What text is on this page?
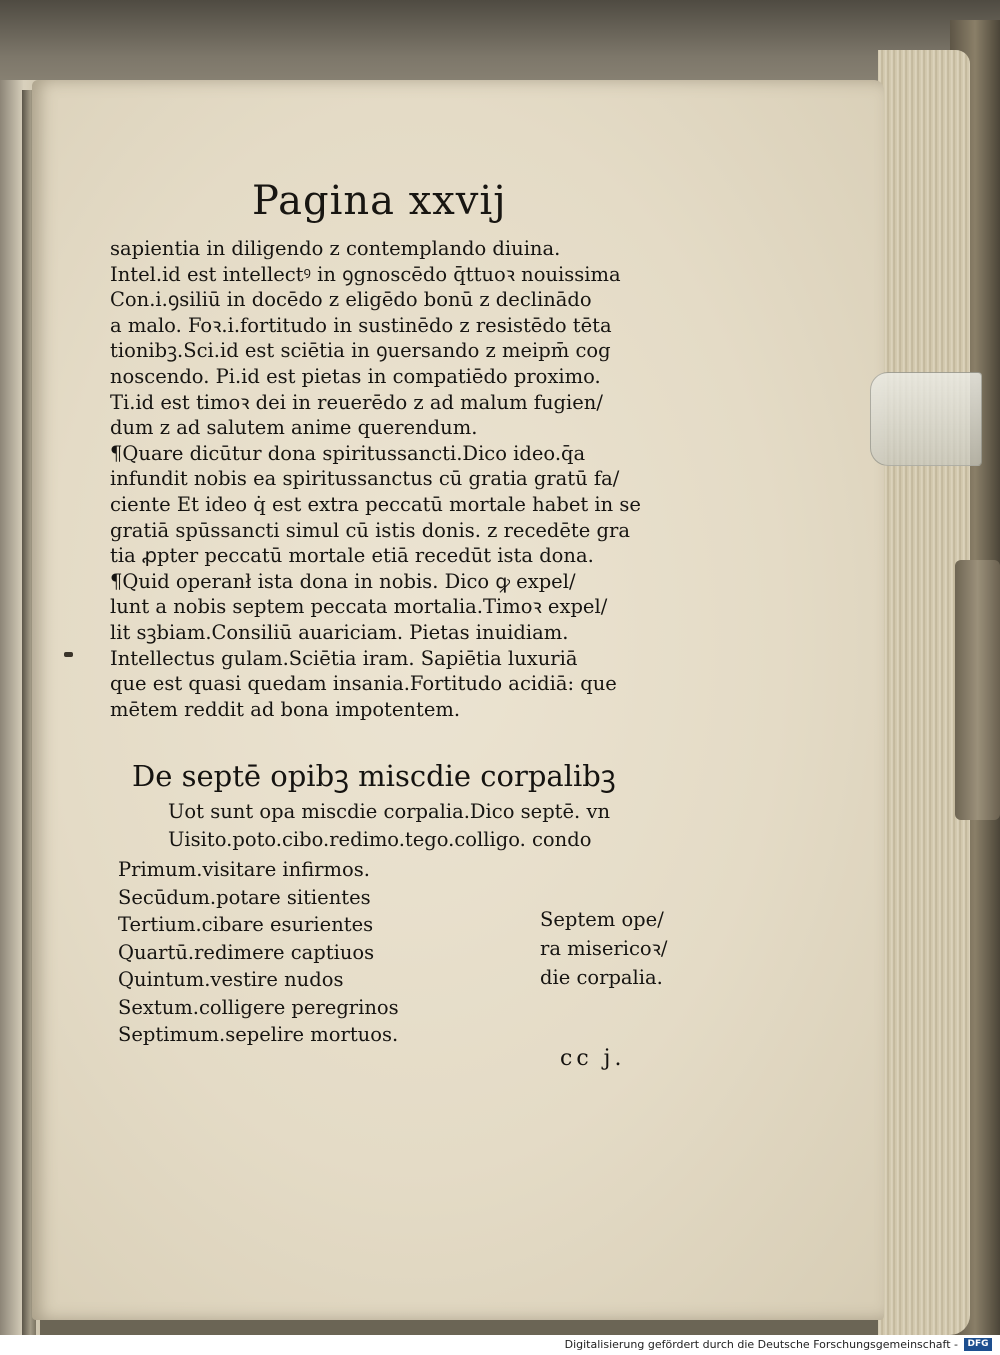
Pagina xxvij
sapientia in diligendo z contemplando diuina.
Intel.id est intellectꝰ in ꝯgnoscēdo q̄ttuoꝛ nouissima
Con.i.ꝯsiliū in docēdo z eligēdo bonū z declinādo
a malo. Foꝛ.i.fortitudo in sustinēdo z resistēdo tēta
tionibꝫ.Sci.id est sciētia in ꝯuersando z meipm̄ cog
noscendo. Pi.id est pietas in compatiēdo proximo.
Ti.id est timoꝛ dei in reuerēdo z ad malum fugien/
dum z ad salutem anime querendum.
¶Quare dicūtur dona spiritussancti.Dico ideo.q̄a
infundit nobis ea spiritussanctus cū gratia gratū fa/
ciente Et ideo q̇ est extra peccatū mortale habet in se
gratiā spūssancti simul cū istis donis. z recedēte gra
tia ꝓpter peccatū mortale etiā recedūt ista dona.
¶Quid operanł ista dona in nobis. Dico ꝙ expel/
lunt a nobis septem peccata mortalia.Timoꝛ expel/
lit sꝫbiam.Consiliū auariciam. Pietas inuidiam.
Intellectus gulam.Sciētia iram. Sapiētia luxuriā
que est quasi quedam insania.Fortitudo acidiā: que
mētem reddit ad bona impotentem.
De septē opibꝫ miscdie corpalibꝫ
Uot sunt opa miscdie corpalia.Dico septē. vn
Uisito.poto.cibo.redimo.tego.colligo. condo
Primum.visitare infirmos.
Secūdum.potare sitientes
Tertium.cibare esurientes
Quartū.redimere captiuos
Quintum.vestire nudos
Sextum.colligere peregrinos
Septimum.sepelire mortuos.
Septem ope/
ra misericoꝛ/
die corpalia.
cc j.
Digitalisierung gefördert durch die Deutsche Forschungsgemeinschaft -	DFG
